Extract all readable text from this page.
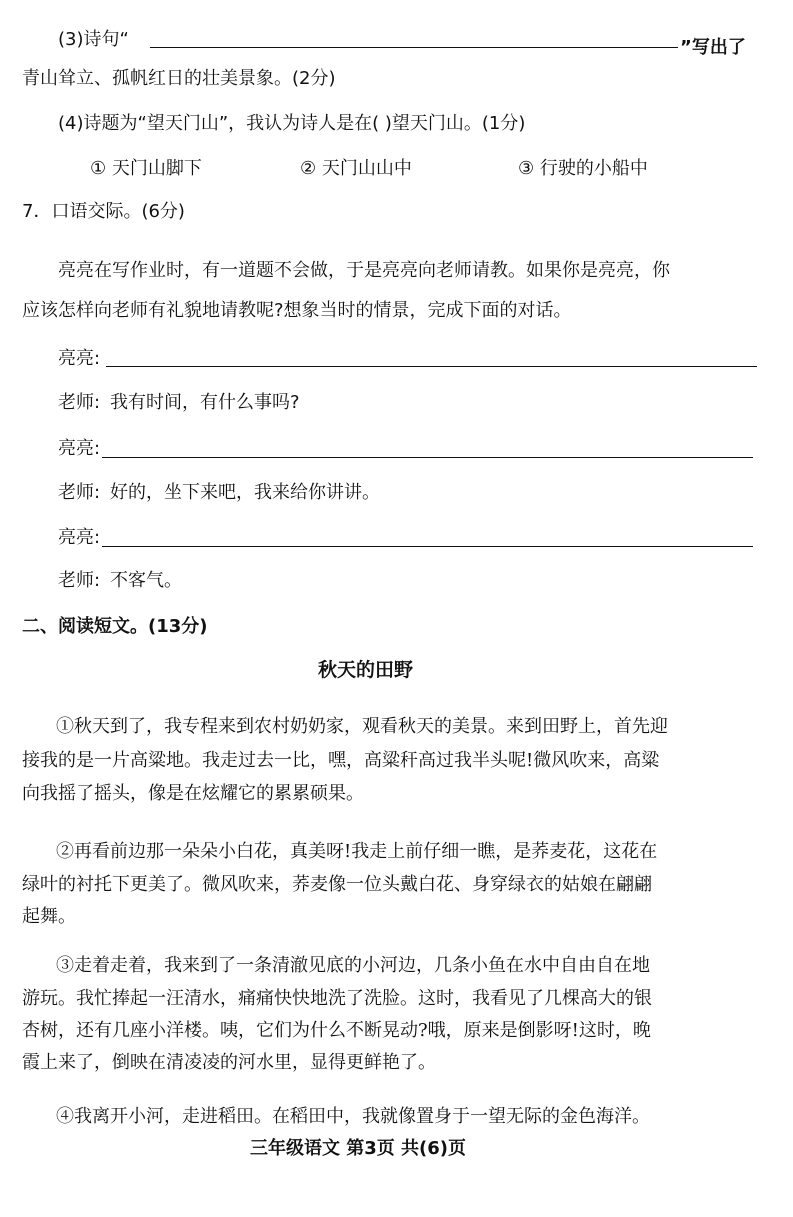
(3)诗句“	”写出了
青山耸立、孤帆红日的壮美景象。(2分)
(4)诗题为“望天门山”，我认为诗人是在( )望天门山。(1分)
① 天门山脚下	② 天门山山中	③ 行驶的小船中
7．口语交际。(6分)
亮亮在写作业时，有一道题不会做，于是亮亮向老师请教。如果你是亮亮，你
应该怎样向老师有礼貌地请教呢?想象当时的情景，完成下面的对话。
亮亮:
老师: 我有时间，有什么事吗?
亮亮:
老师: 好的，坐下来吧，我来给你讲讲。
亮亮:
老师: 不客气。
二、阅读短文。(13分)
秋天的田野
①秋天到了，我专程来到农村奶奶家，观看秋天的美景。来到田野上，首先迎
接我的是一片高粱地。我走过去一比，嘿，高粱秆高过我半头呢!微风吹来，高粱
向我摇了摇头，像是在炫耀它的累累硕果。
②再看前边那一朵朵小白花，真美呀!我走上前仔细一瞧，是荞麦花，这花在
绿叶的衬托下更美了。微风吹来，荞麦像一位头戴白花、身穿绿衣的姑娘在翩翩
起舞。
③走着走着，我来到了一条清澈见底的小河边，几条小鱼在水中自由自在地
游玩。我忙捧起一汪清水，痛痛快快地洗了洗脸。这时，我看见了几棵高大的银
杏树，还有几座小洋楼。咦，它们为什么不断晃动?哦，原来是倒影呀!这时，晚
霞上来了，倒映在清凌凌的河水里，显得更鲜艳了。
④我离开小河，走进稻田。在稻田中，我就像置身于一望无际的金色海洋。
三年级语文 第3页 共(6)页
